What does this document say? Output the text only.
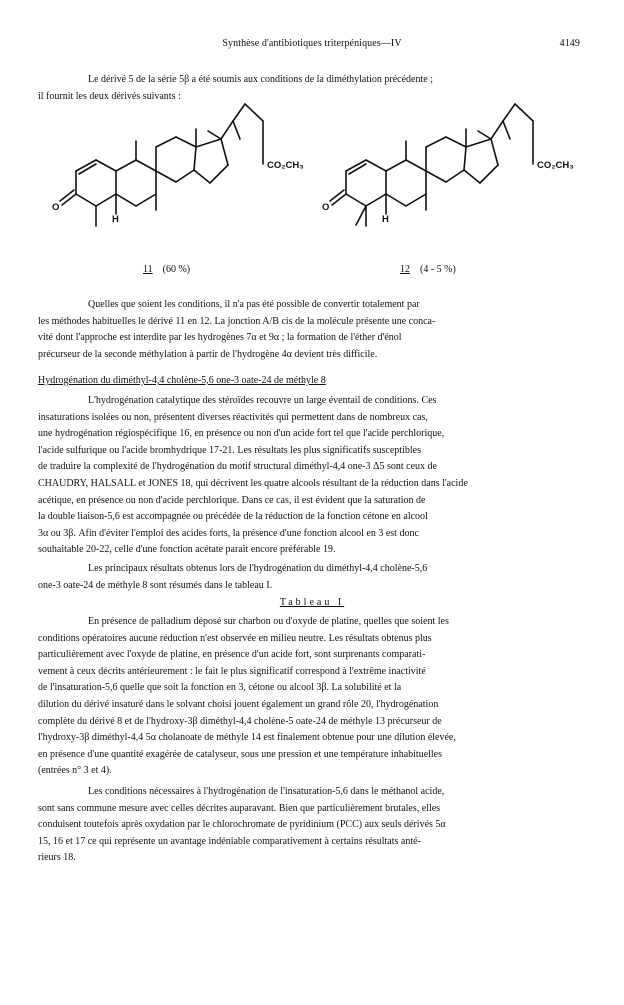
Synthèse d'antibiotiques triterpéniques—IV	4149

Le dérivé 5 de la série 5β a été soumis aux conditions de la diméthylation précédente ;
il fournit les deux dérivés suivants :

CO₂CH₃	CO₂CH₃
O	O
H	H
11 (60 %)	12 (4 - 5 %)

Quelles que soient les conditions, il n'a pas été possible de convertir totalement par
les méthodes habituelles le dérivé 11 en 12. La jonction A/B cis de la molécule présente une conca-
vité dont l'approche est interdite par les hydrogènes 7α et 9α ; la formation de l'éther d'énol
précurseur de la seconde méthylation à partir de l'hydrogène 4α devient très difficile.

Hydrogénation du diméthyl-4,4 cholène-5,6 one-3 oate-24 de méthyle 8

L'hydrogénation catalytique des stéroïdes recouvre un large éventail de conditions. Ces
insaturations isolées ou non, présentent diverses réactivités qui permettent dans de nombreux cas,
une hydrogénation régiospécifique 16, en présence ou non d'un acide fort tel que l'acide perchlorique,
l'acide sulfurique ou l'acide bromhydrique 17-21. Les résultats les plus significatifs susceptibles
de traduire la complexité de l'hydrogénation du motif structural diméthyl-4,4 one-3 Δ5 sont ceux de
CHAUDRY, HALSALL et JONES 18, qui décrivent les quatre alcools résultant de la réduction dans l'acide
acétique, en présence ou non d'acide perchlorique. Dans ce cas, il est évident que la saturation de
la double liaison-5,6 est accompagnée ou précédée de la réduction de la fonction cétone en alcool
3α ou 3β. Afin d'éviter l'emploi des acides forts, la présence d'une fonction alcool en 3 est donc
souhaitable 20-22, celle d'une fonction acétate paraît encore préférable 19.

Les principaux résultats obtenus lors de l'hydrogénation du diméthyl-4,4 cholène-5,6
one-3 oate-24 de méthyle 8 sont résumés dans le tableau I.

Tableau I

En présence de palladium déposé sur charbon ou d'oxyde de platine, quelles que soient les
conditions opératoires aucune réduction n'est observée en milieu neutre. Les résultats obtenus plus
particulièrement avec l'oxyde de platine, en présence d'un acide fort, sont surprenants comparati-
vement à ceux décrits antérieurement : le fait le plus significatif correspond à l'extrême inactivité
de l'insaturation-5,6 quelle que soit la fonction en 3, cétone ou alcool 3β. La solubilité et la
dilution du dérivé insaturé dans le solvant choisi jouent également un grand rôle 20, l'hydrogénation
complète du dérivé 8 et de l'hydroxy-3β diméthyl-4,4 cholène-5 oate-24 de méthyle 13 précurseur de
l'hydroxy-3β diméthyl-4,4 5α cholanoate de méthyle 14 est finalement obtenue pour une dilution élevée,
en présence d'une quantité exagérée de catalyseur, sous une pression et une température inhabituelles
(entrées n° 3 et 4).

Les conditions nécessaires à l'hydrogénation de l'insaturation-5,6 dans le méthanol acide,
sont sans commune mesure avec celles décrites auparavant. Bien que particulièrement brutales, elles
conduisent toutefois après oxydation par le chlorochromate de pyridinium (PCC) aux seuls dérivés 5α
15, 16 et 17 ce qui représente un avantage indéniable comparativement à certains résultats anté-
rieurs 18.
